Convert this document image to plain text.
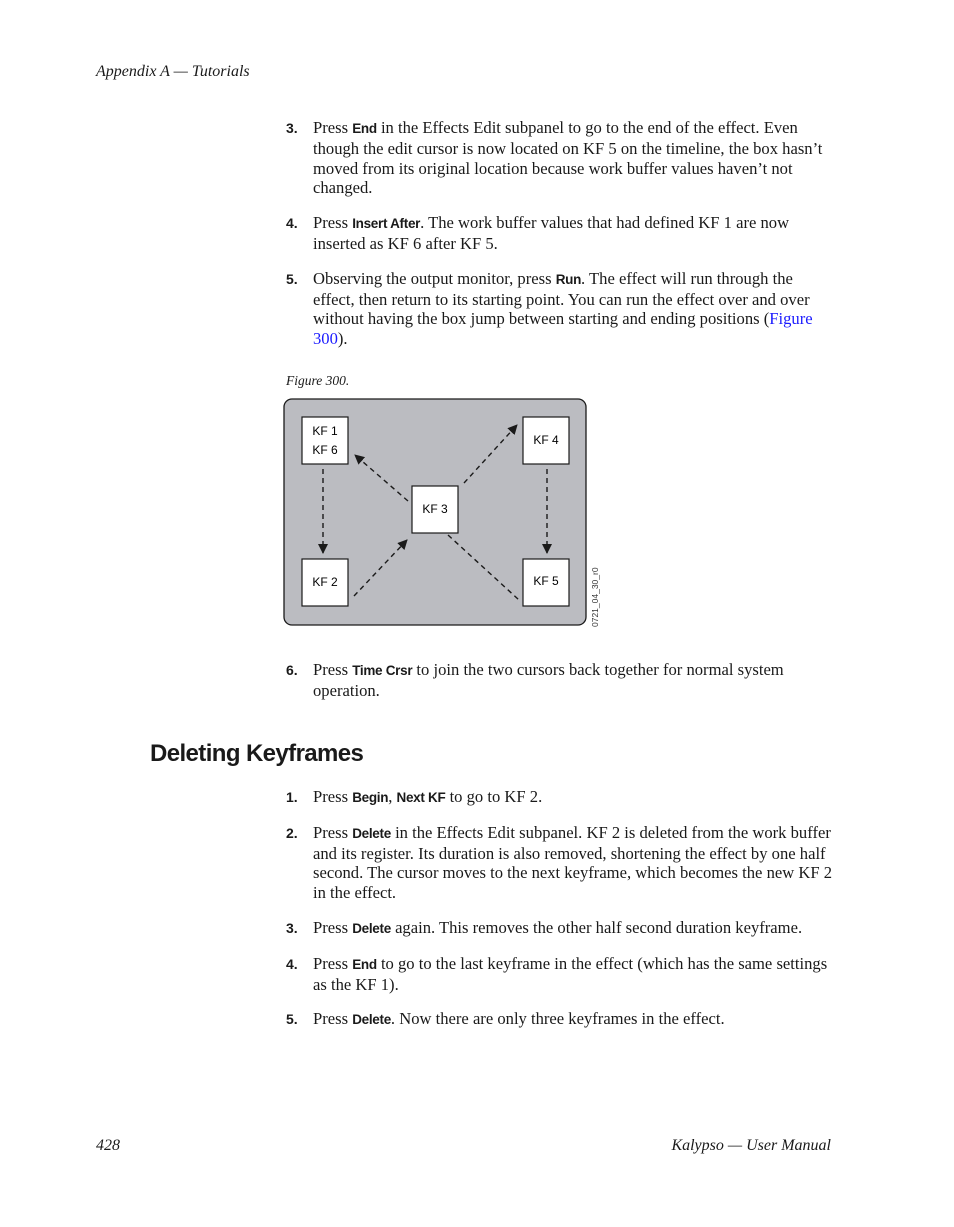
Appendix A — Tutorials

3. Press End in the Effects Edit subpanel to go to the end of the effect. Even though the edit cursor is now located on KF 5 on the timeline, the box hasn’t moved from its original location because work buffer values haven’t not changed.

4. Press Insert After. The work buffer values that had defined KF 1 are now inserted as KF 6 after KF 5.

5. Observing the output monitor, press Run. The effect will run through the effect, then return to its starting point. You can run the effect over and over without having the box jump between starting and ending positions (Figure 300).

Figure 300.
KF 1
KF 6
KF 4
KF 3
KF 2	KF 5	0721_04_30_r0

6. Press Time Crsr to join the two cursors back together for normal system operation.

Deleting Keyframes

1. Press Begin, Next KF to go to KF 2.

2. Press Delete in the Effects Edit subpanel. KF 2 is deleted from the work buffer and its register. Its duration is also removed, shortening the effect by one half second. The cursor moves to the next keyframe, which becomes the new KF 2 in the effect.

3. Press Delete again. This removes the other half second duration keyframe.

4. Press End to go to the last keyframe in the effect (which has the same settings as the KF 1).

5. Press Delete. Now there are only three keyframes in the effect.

428	Kalypso — User Manual
